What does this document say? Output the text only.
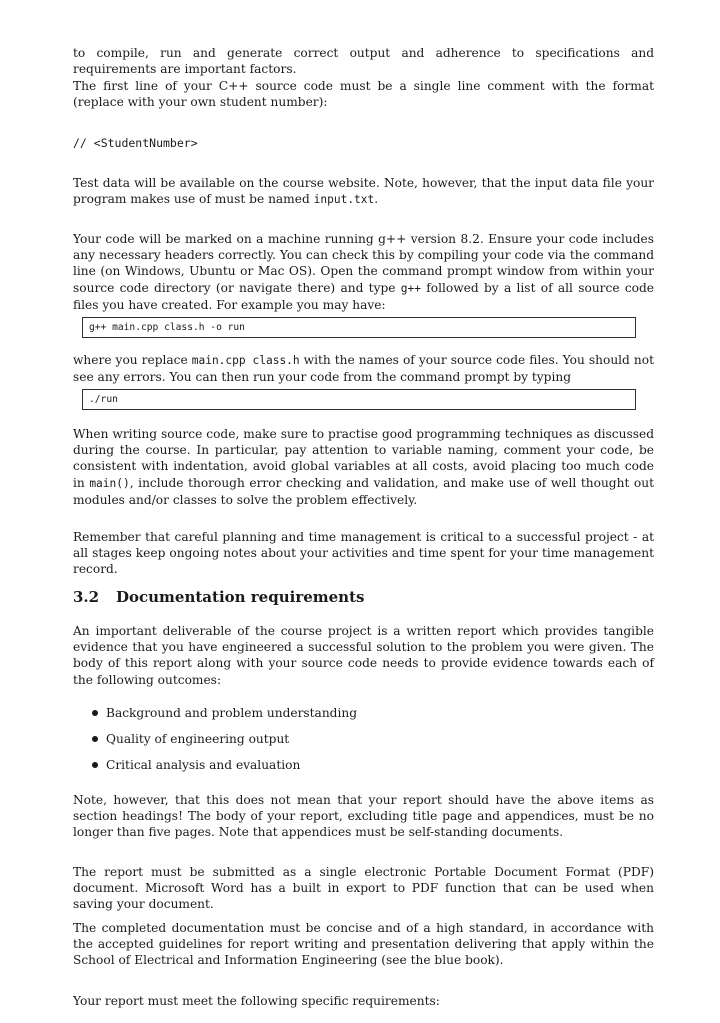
to compile, run and generate correct output and adherence to specifications and requirements are important factors.

The first line of your C++ source code must be a single line comment with the format (replace with your own student number):

// <StudentNumber>

Test data will be available on the course website. Note, however, that the input data file your program makes use of must be named input.txt.

Your code will be marked on a machine running g++ version 8.2. Ensure your code includes any necessary headers correctly. You can check this by compiling your code via the command line (on Windows, Ubuntu or Mac OS). Open the command prompt window from within your source code directory (or navigate there) and type g++ followed by a list of all source code files you have created. For example you may have:

g++ main.cpp class.h -o run

where you replace main.cpp class.h with the names of your source code files. You should not see any errors. You can then run your code from the command prompt by typing

./run

When writing source code, make sure to practise good programming techniques as discussed during the course. In particular, pay attention to variable naming, comment your code, be consistent with indentation, avoid global variables at all costs, avoid placing too much code in main(), include thorough error checking and validation, and make use of well thought out modules and/or classes to solve the problem effectively.

Remember that careful planning and time management is critical to a successful project - at all stages keep ongoing notes about your activities and time spent for your time management record.

3.2 Documentation requirements

An important deliverable of the course project is a written report which provides tangible evidence that you have engineered a successful solution to the problem you were given. The body of this report along with your source code needs to provide evidence towards each of the following outcomes:

Background and problem understanding
Quality of engineering output
Critical analysis and evaluation

Note, however, that this does not mean that your report should have the above items as section headings! The body of your report, excluding title page and appendices, must be no longer than five pages. Note that appendices must be self-standing documents.

The report must be submitted as a single electronic Portable Document Format (PDF) document. Microsoft Word has a built in export to PDF function that can be used when saving your document.

The completed documentation must be concise and of a high standard, in accordance with the accepted guidelines for report writing and presentation delivering that apply within the School of Electrical and Information Engineering (see the blue book).

Your report must meet the following specific requirements:
